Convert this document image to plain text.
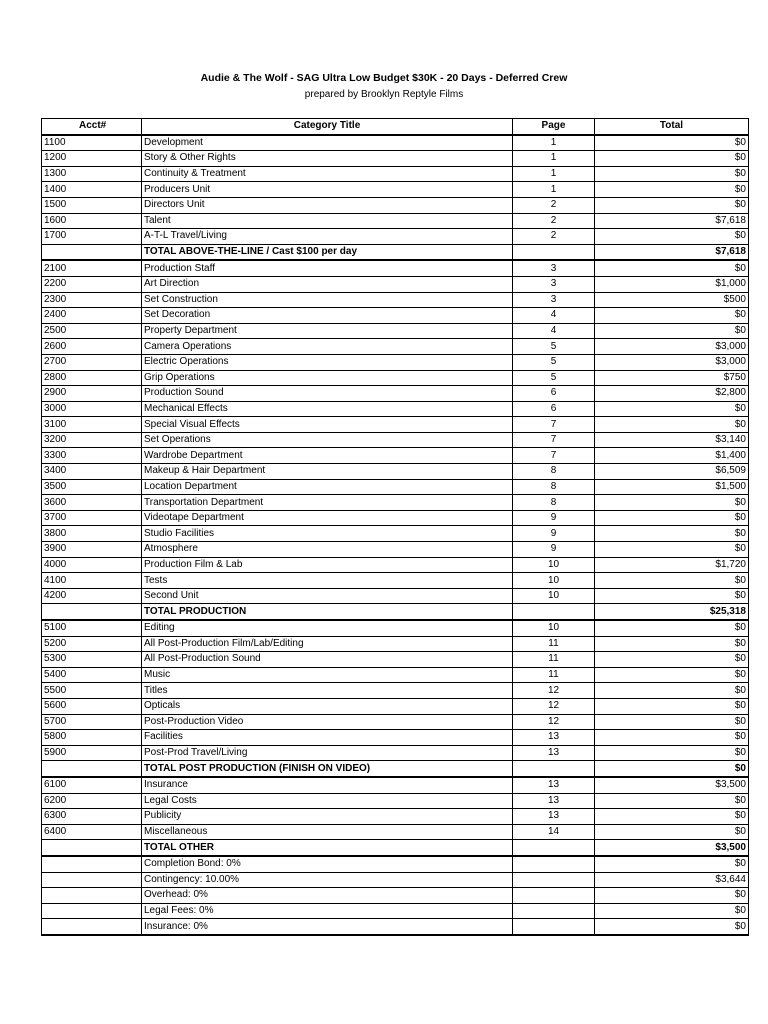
Audie & The Wolf - SAG Ultra Low Budget $30K - 20 Days - Deferred Crew
prepared by Brooklyn Reptyle Films
Acct#	Category Title	Page	Total
1100	Development	1	$0
1200	Story & Other Rights	1	$0
1300	Continuity & Treatment	1	$0
1400	Producers Unit	1	$0
1500	Directors Unit	2	$0
1600	Talent	2	$7,618
1700	A-T-L Travel/Living	2	$0
	TOTAL ABOVE-THE-LINE / Cast $100 per day		$7,618
2100	Production Staff	3	$0
2200	Art Direction	3	$1,000
2300	Set Construction	3	$500
2400	Set Decoration	4	$0
2500	Property Department	4	$0
2600	Camera Operations	5	$3,000
2700	Electric Operations	5	$3,000
2800	Grip Operations	5	$750
2900	Production Sound	6	$2,800
3000	Mechanical Effects	6	$0
3100	Special Visual Effects	7	$0
3200	Set Operations	7	$3,140
3300	Wardrobe Department	7	$1,400
3400	Makeup & Hair Department	8	$6,509
3500	Location Department	8	$1,500
3600	Transportation Department	8	$0
3700	Videotape Department	9	$0
3800	Studio Facilities	9	$0
3900	Atmosphere	9	$0
4000	Production Film & Lab	10	$1,720
4100	Tests	10	$0
4200	Second Unit	10	$0
	TOTAL PRODUCTION		$25,318
5100	Editing	10	$0
5200	All Post-Production Film/Lab/Editing	11	$0
5300	All Post-Production Sound	11	$0
5400	Music	11	$0
5500	Titles	12	$0
5600	Opticals	12	$0
5700	Post-Production Video	12	$0
5800	Facilities	13	$0
5900	Post-Prod Travel/Living	13	$0
	TOTAL POST PRODUCTION (FINISH ON VIDEO)		$0
6100	Insurance	13	$3,500
6200	Legal Costs	13	$0
6300	Publicity	13	$0
6400	Miscellaneous	14	$0
	TOTAL OTHER		$3,500
	Completion Bond: 0%		$0
	Contingency: 10.00%		$3,644
	Overhead: 0%		$0
	Legal Fees: 0%		$0
	Insurance: 0%		$0
